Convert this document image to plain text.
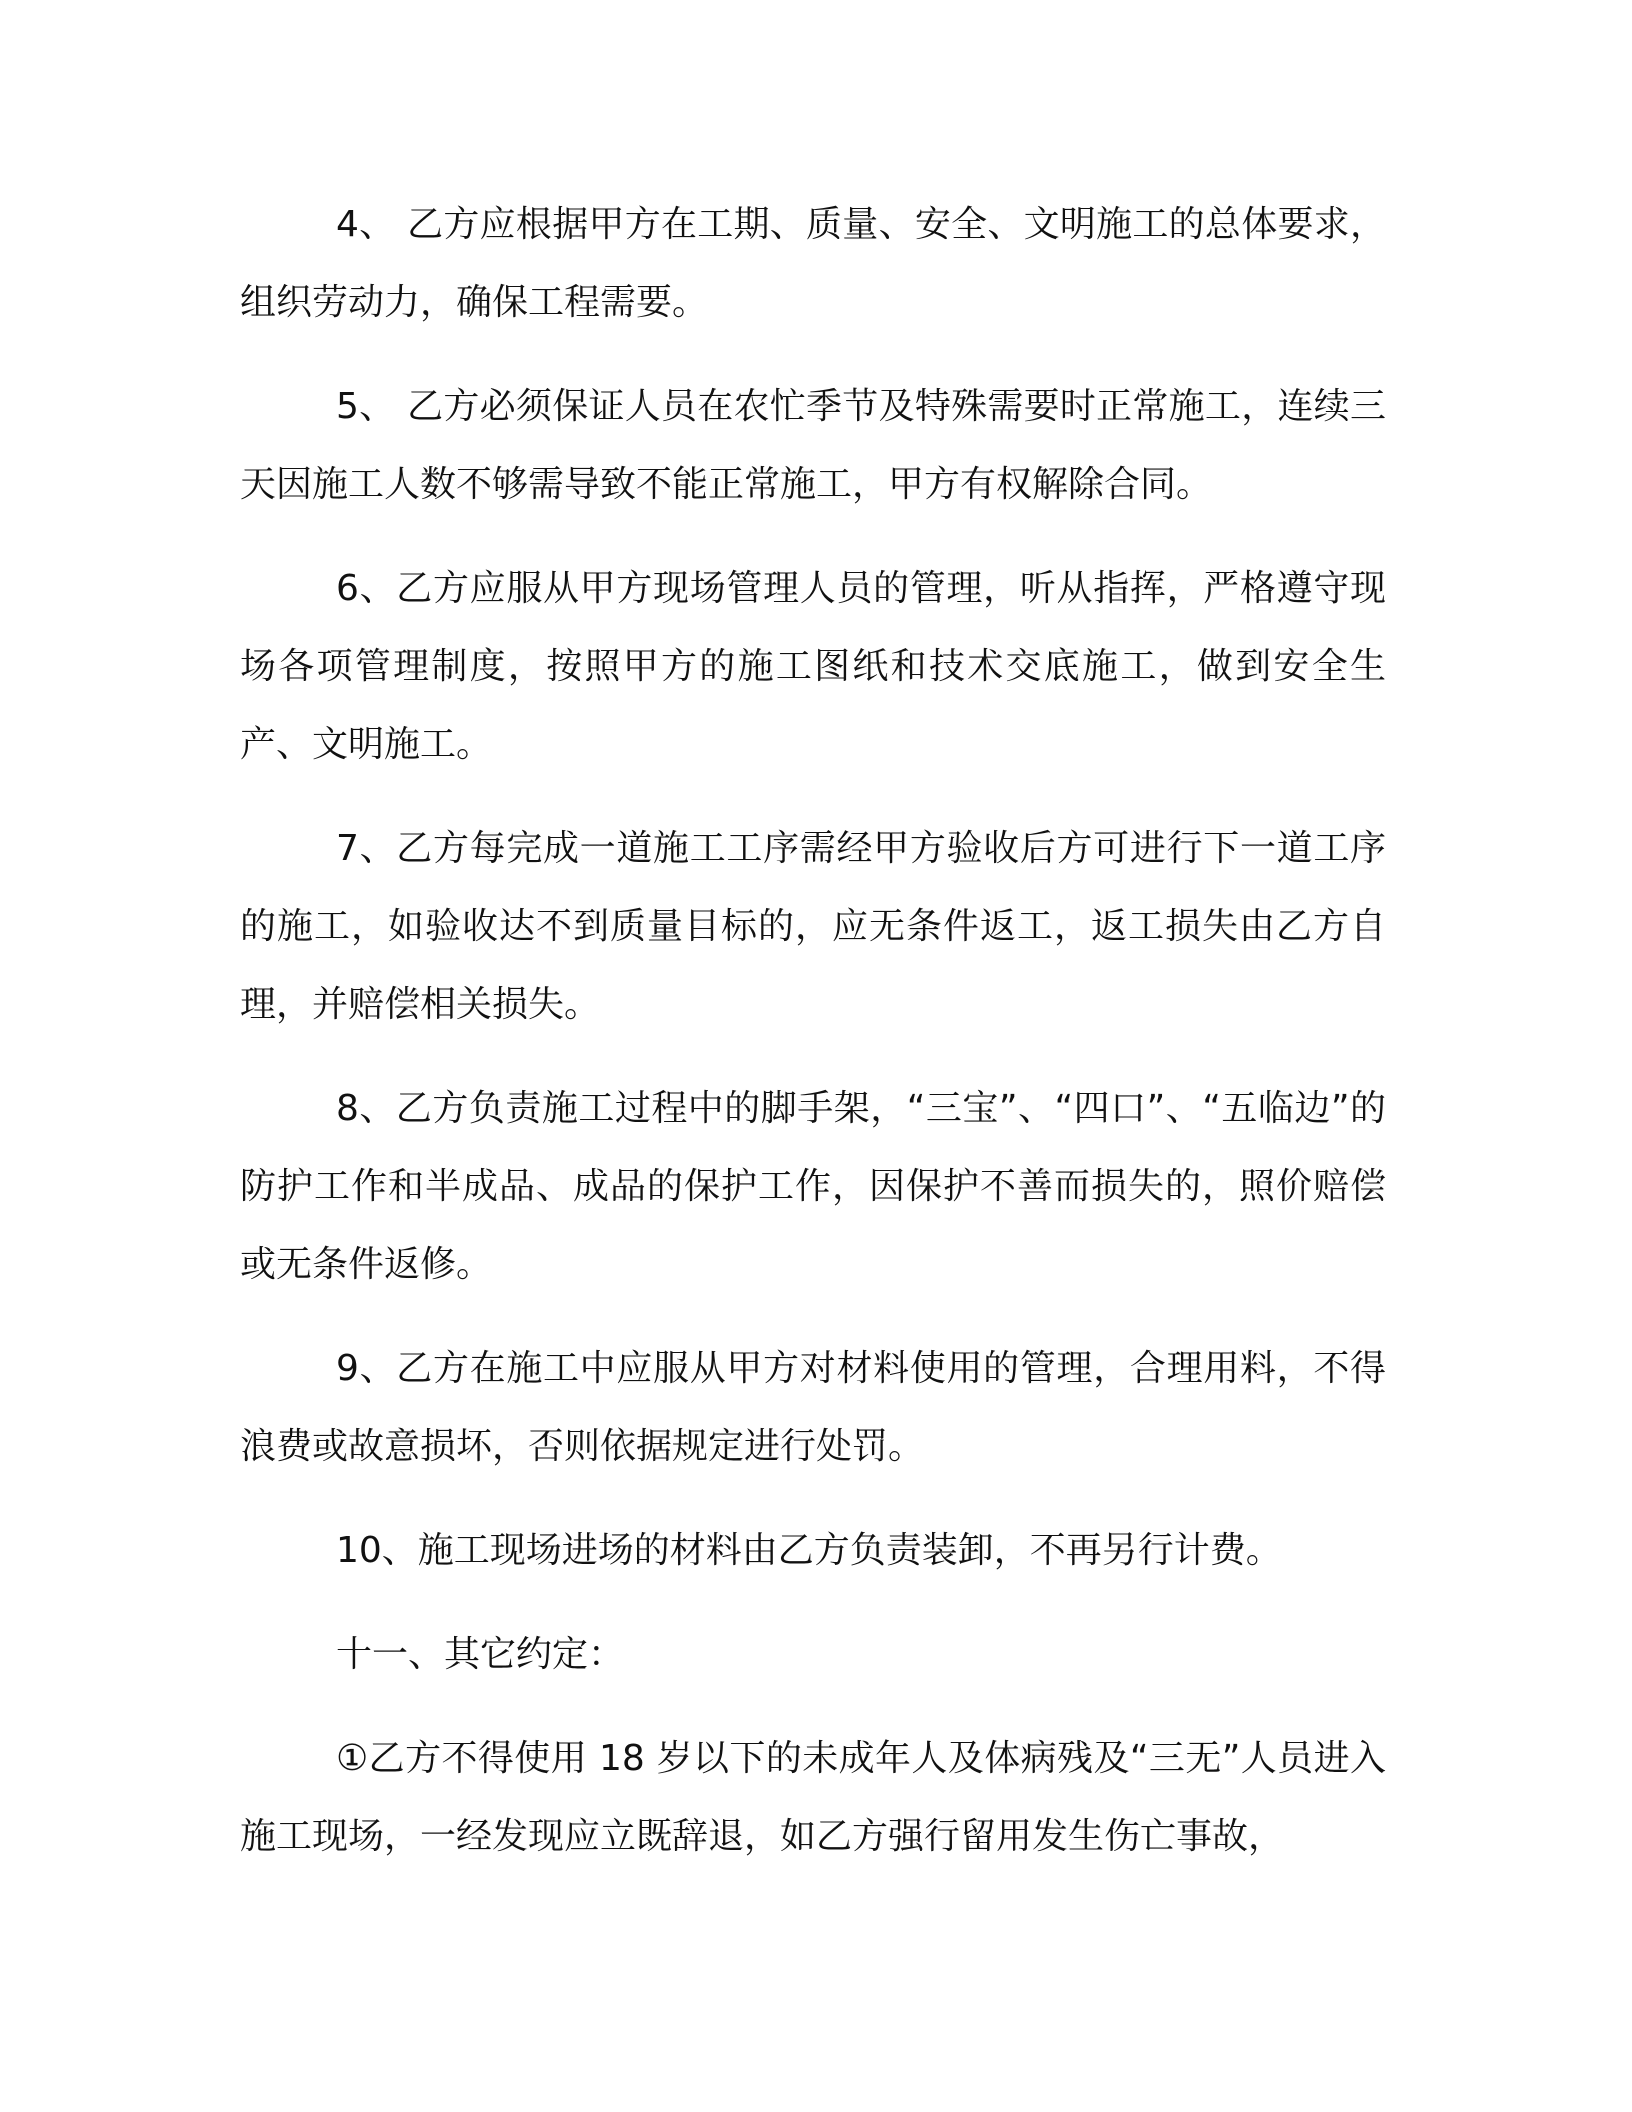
4、 乙方应根据甲方在工期、质量、安全、文明施工的总体要求，组织劳动力，确保工程需要。

5、 乙方必须保证人员在农忙季节及特殊需要时正常施工，连续三天因施工人数不够需导致不能正常施工，甲方有权解除合同。

6、乙方应服从甲方现场管理人员的管理，听从指挥，严格遵守现场各项管理制度，按照甲方的施工图纸和技术交底施工，做到安全生产、文明施工。

7、乙方每完成一道施工工序需经甲方验收后方可进行下一道工序的施工，如验收达不到质量目标的，应无条件返工，返工损失由乙方自理，并赔偿相关损失。

8、乙方负责施工过程中的脚手架，“三宝”、“四口”、“五临边”的防护工作和半成品、成品的保护工作，因保护不善而损失的，照价赔偿或无条件返修。

9、乙方在施工中应服从甲方对材料使用的管理，合理用料，不得浪费或故意损坏，否则依据规定进行处罚。

10、施工现场进场的材料由乙方负责装卸，不再另行计费。

十一、其它约定：

①乙方不得使用 18 岁以下的未成年人及体病残及“三无”人员进入施工现场，一经发现应立既辞退，如乙方强行留用发生伤亡事故，
